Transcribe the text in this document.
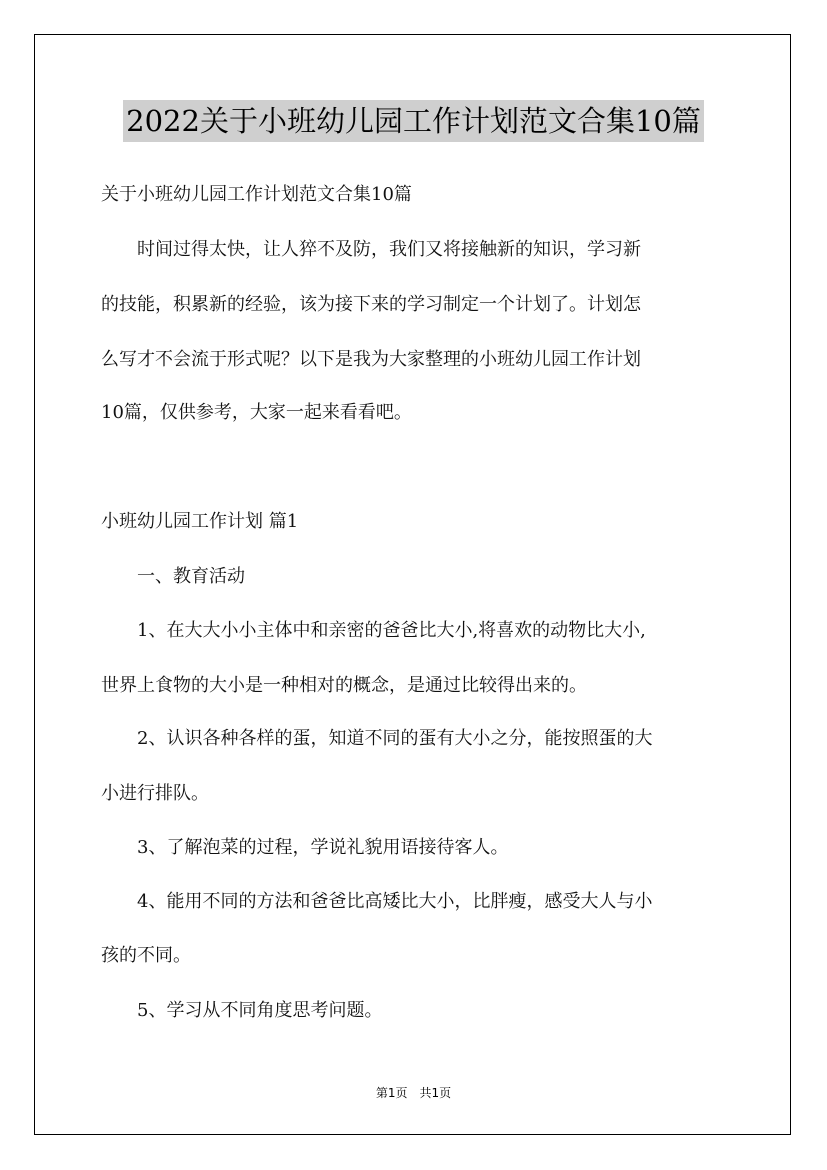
2022关于小班幼儿园工作计划范文合集10篇
关于小班幼儿园工作计划范文合集10篇
　　时间过得太快，让人猝不及防，我们又将接触新的知识，学习新
的技能，积累新的经验，该为接下来的学习制定一个计划了。计划怎
么写才不会流于形式呢？以下是我为大家整理的小班幼儿园工作计划
10篇，仅供参考，大家一起来看看吧。
小班幼儿园工作计划 篇1
　　一、教育活动
　　1、在大大小小主体中和亲密的爸爸比大小,将喜欢的动物比大小,
世界上食物的大小是一种相对的概念，是通过比较得出来的。
　　2、认识各种各样的蛋，知道不同的蛋有大小之分，能按照蛋的大
小进行排队。
　　3、了解泡菜的过程，学说礼貌用语接待客人。
　　4、能用不同的方法和爸爸比高矮比大小，比胖瘦，感受大人与小
孩的不同。
　　5、学习从不同角度思考问题。
第1页　共1页
